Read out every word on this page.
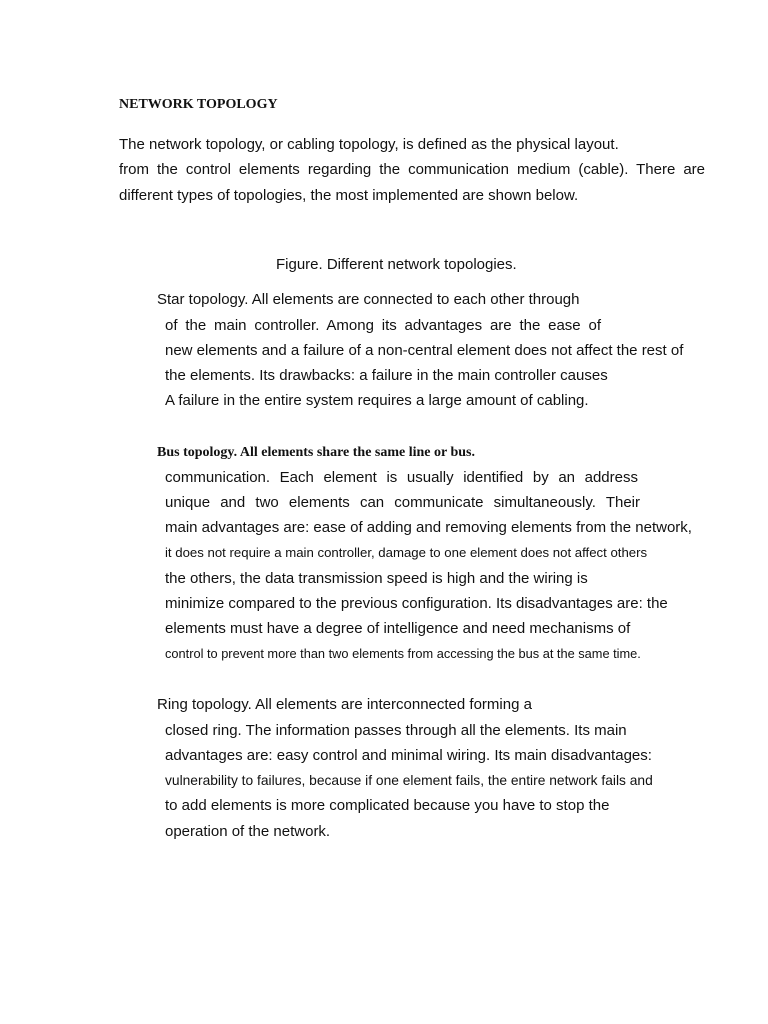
NETWORK TOPOLOGY
The network topology, or cabling topology, is defined as the physical layout.
from the control elements regarding the communication medium (cable). There are
different types of topologies, the most implemented are shown below.
Figure. Different network topologies.
Star topology. All elements are connected to each other through
of the main controller. Among its advantages are the ease of
new elements and a failure of a non-central element does not affect the rest of
the elements. Its drawbacks: a failure in the main controller causes
A failure in the entire system requires a large amount of cabling.
Bus topology. All elements share the same line or bus.
communication. Each element is usually identified by an address
unique and two elements can communicate simultaneously. Their
main advantages are: ease of adding and removing elements from the network,
it does not require a main controller, damage to one element does not affect others
the others, the data transmission speed is high and the wiring is
minimize compared to the previous configuration. Its disadvantages are: the
elements must have a degree of intelligence and need mechanisms of
control to prevent more than two elements from accessing the bus at the same time.
Ring topology. All elements are interconnected forming a
closed ring. The information passes through all the elements. Its main
advantages are: easy control and minimal wiring. Its main disadvantages:
vulnerability to failures, because if one element fails, the entire network fails and
to add elements is more complicated because you have to stop the
operation of the network.
